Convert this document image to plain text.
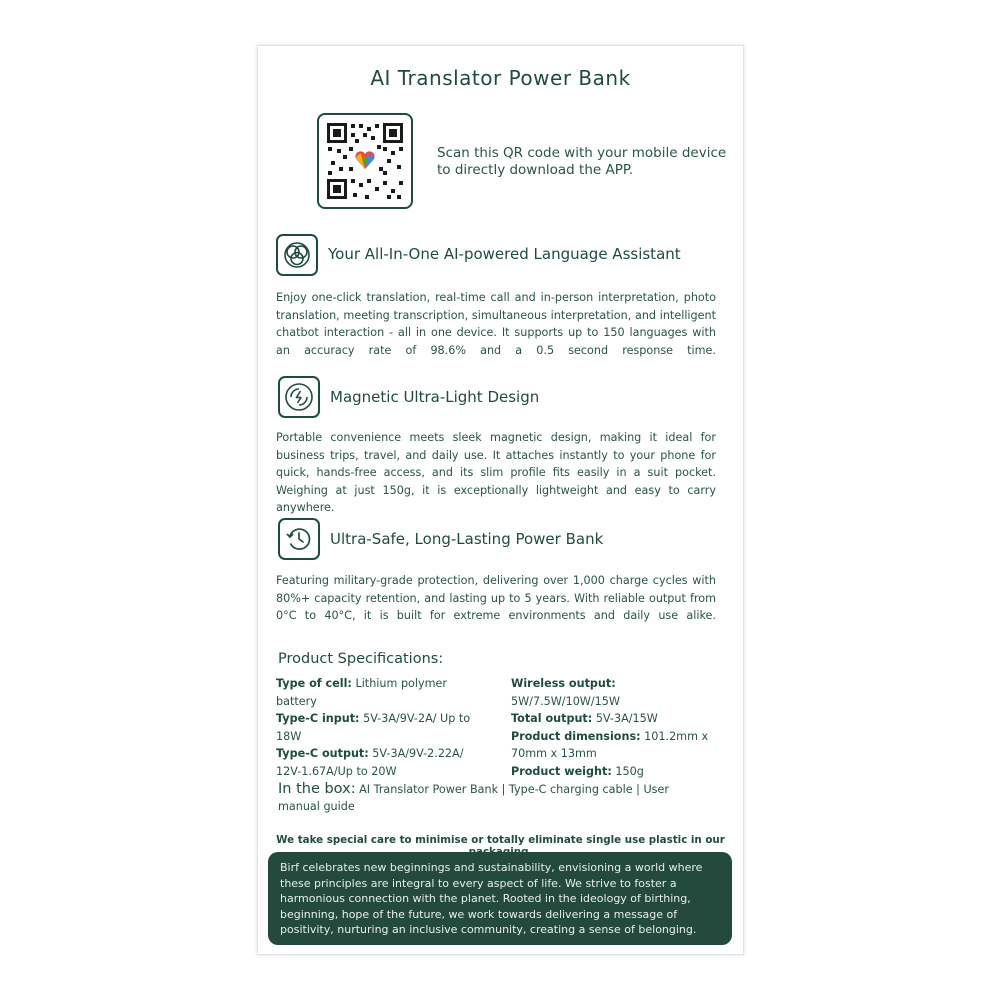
AI Translator Power Bank
Scan this QR code with your mobile device to directly download the APP.
Your All-In-One AI-powered Language Assistant
Enjoy one-click translation, real-time call and in-person interpretation, photo translation, meeting transcription, simultaneous interpretation, and intelligent chatbot interaction - all in one device. It supports up to 150 languages with an accuracy rate of 98.6% and a 0.5 second response time.
Magnetic Ultra-Light Design
Portable convenience meets sleek magnetic design, making it ideal for business trips, travel, and daily use. It attaches instantly to your phone for quick, hands-free access, and its slim profile fits easily in a suit pocket. Weighing at just 150g, it is exceptionally lightweight and easy to carry anywhere.
Ultra-Safe, Long-Lasting Power Bank
Featuring military-grade protection, delivering over 1,000 charge cycles with 80%+ capacity retention, and lasting up to 5 years. With reliable output from 0°C to 40°C, it is built for extreme environments and daily use alike.
Product Specifications:
Type of cell: Lithium polymer battery
Type-C input: 5V-3A/9V-2A/ Up to 18W
Type-C output: 5V-3A/9V-2.22A/ 12V-1.67A/Up to 20W
Wireless output: 5W/7.5W/10W/15W
Total output: 5V-3A/15W
Product dimensions: 101.2mm x 70mm x 13mm
Product weight: 150g
In the box: AI Translator Power Bank | Type-C charging cable | User manual guide
We take special care to minimise or totally eliminate single use plastic in our
Birf celebrates new beginnings and sustainability, envisioning a world where these principles are integral to every aspect of life. We strive to foster a harmonious connection with the planet. Rooted in the ideology of birthing, beginning, hope of the future, we work towards delivering a message of positivity, nurturing an inclusive community, creating a sense of belonging.
